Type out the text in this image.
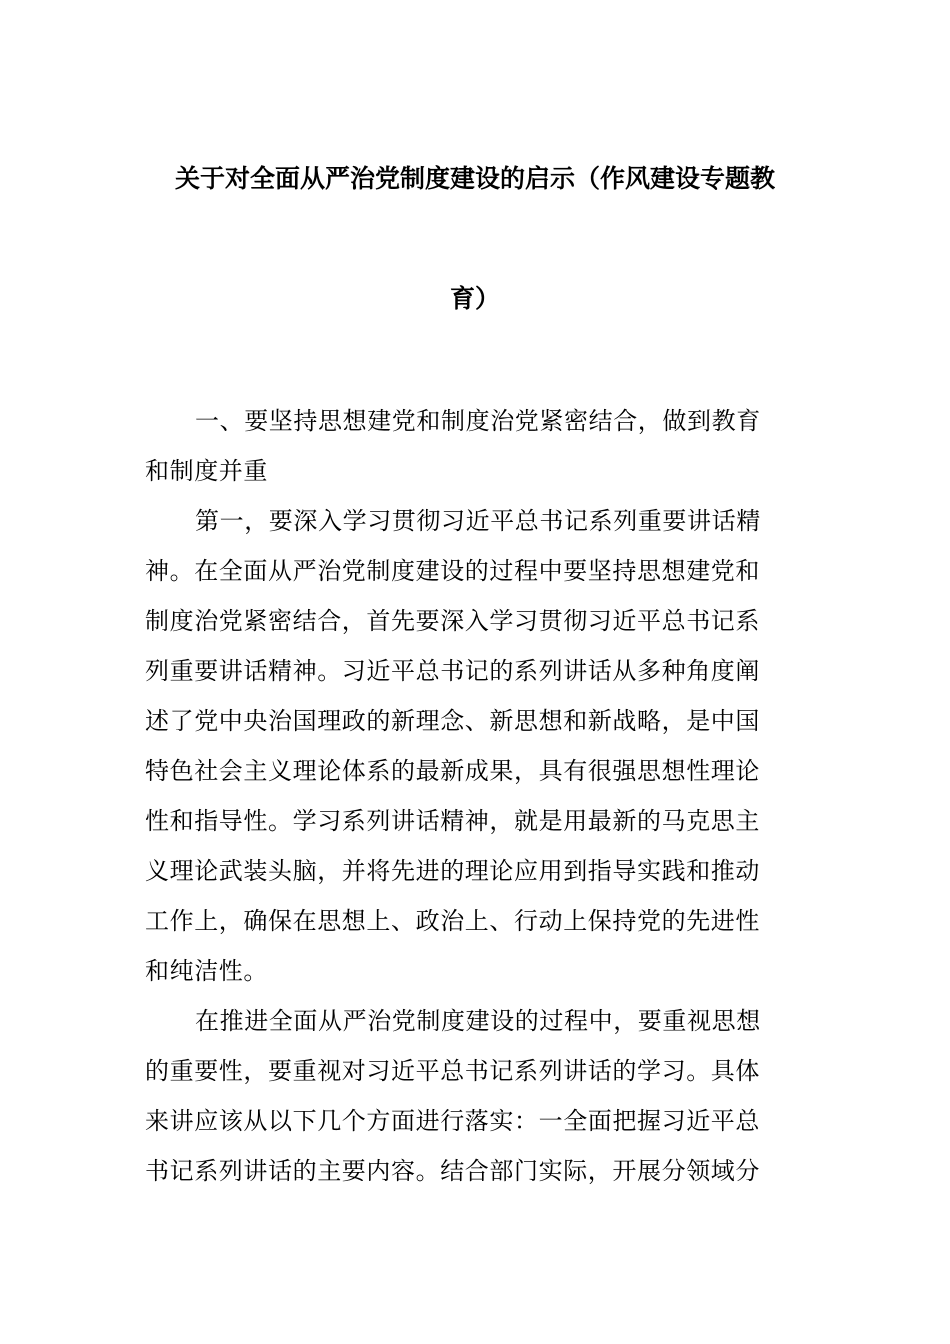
关于对全面从严治党制度建设的启示（作风建设专题教
育）
一、要坚持思想建党和制度治党紧密结合，做到教育
和制度并重
第一，要深入学习贯彻习近平总书记系列重要讲话精
神。在全面从严治党制度建设的过程中要坚持思想建党和
制度治党紧密结合，首先要深入学习贯彻习近平总书记系
列重要讲话精神。习近平总书记的系列讲话从多种角度阐
述了党中央治国理政的新理念、新思想和新战略，是中国
特色社会主义理论体系的最新成果，具有很强思想性理论
性和指导性。学习系列讲话精神，就是用最新的马克思主
义理论武装头脑，并将先进的理论应用到指导实践和推动
工作上，确保在思想上、政治上、行动上保持党的先进性
和纯洁性。
在推进全面从严治党制度建设的过程中，要重视思想
的重要性，要重视对习近平总书记系列讲话的学习。具体
来讲应该从以下几个方面进行落实：一全面把握习近平总
书记系列讲话的主要内容。结合部门实际，开展分领域分
